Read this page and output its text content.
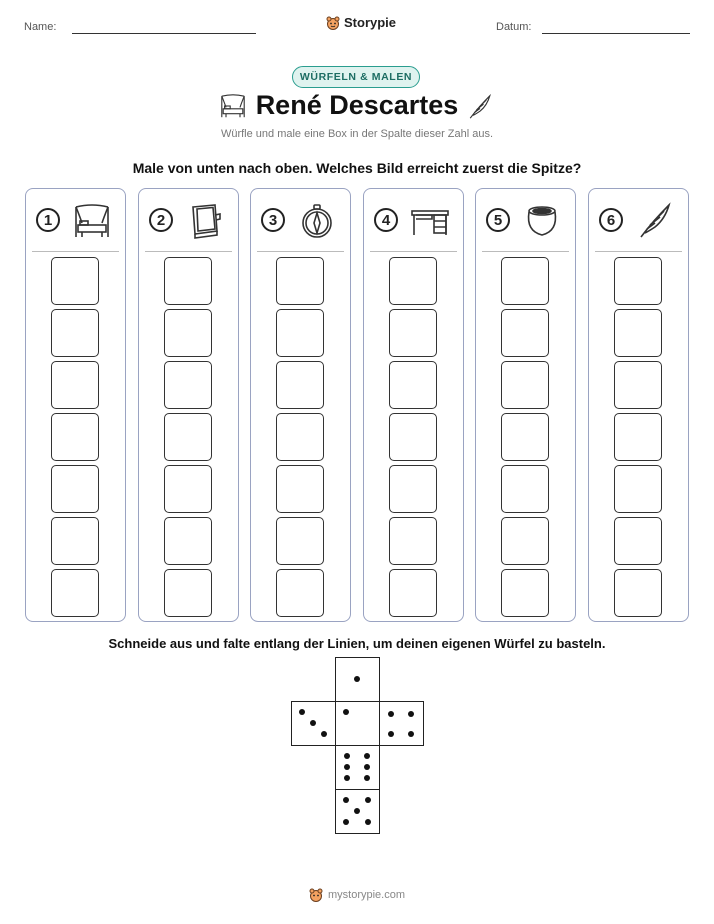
Name:	Storypie	Datum:
WÜRFELN & MALEN
René Descartes
Würfle und male eine Box in der Spalte dieser Zahl aus.
Male von unten nach oben. Welches Bild erreicht zuerst die Spitze?
1	2	3	4	5	6
Schneide aus und falte entlang der Linien, um deinen eigenen Würfel zu basteln.
mystorypie.com
